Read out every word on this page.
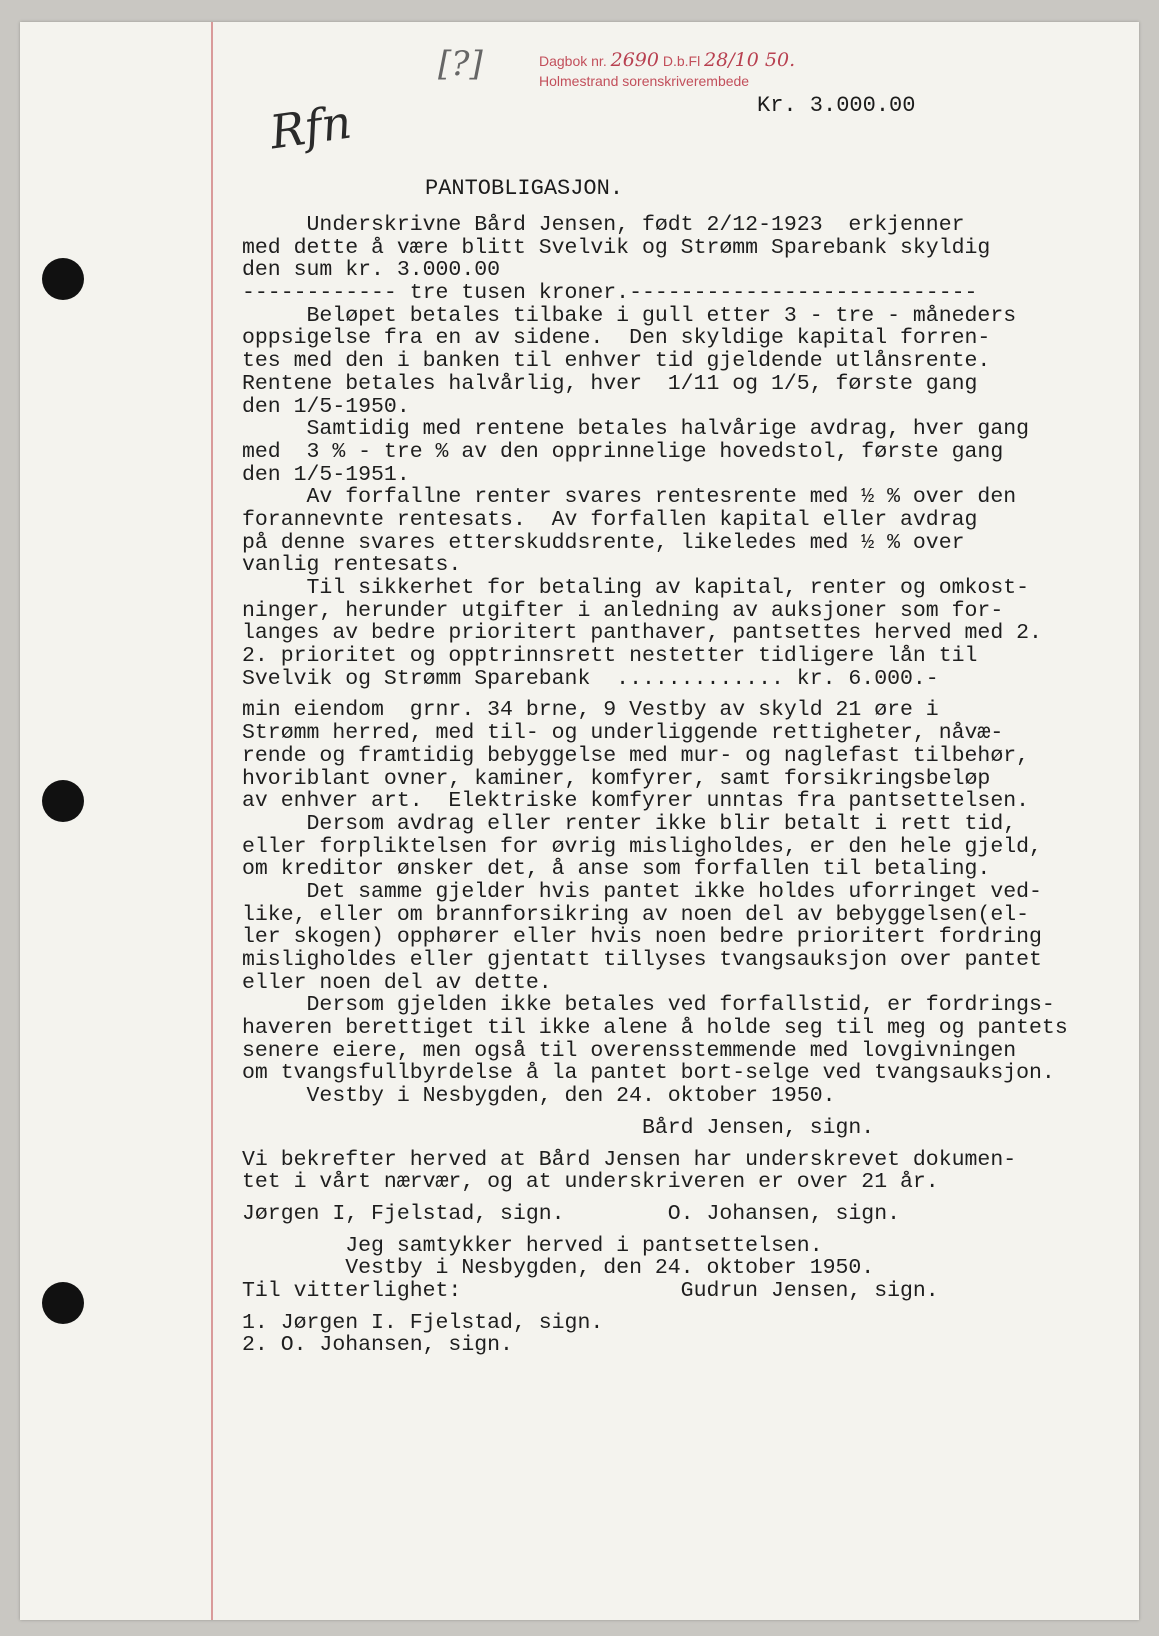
[?]
Rfn
Dagbok nr. 2690 D.b.Fl 28/10 50.
Holmestrand sorenskriverembede
Kr. 3.000.00
PANTOBLIGASJON.
Underskrivne Bård Jensen, født 2/12-1923  erkjenner
med dette å være blitt Svelvik og Strømm Sparebank skyldig
den sum kr. 3.000.00
------------ tre tusen kroner.---------------------------
Beløpet betales tilbake i gull etter 3 - tre - måneders
oppsigelse fra en av sidene.  Den skyldige kapital forren-
tes med den i banken til enhver tid gjeldende utlånsrente.
Rentene betales halvårlig, hver  1/11 og 1/5, første gang
den 1/5-1950.
Samtidig med rentene betales halvårige avdrag, hver gang
med  3 % - tre % av den opprinnelige hovedstol, første gang
den 1/5-1951.
Av forfallne renter svares rentesrente med ½ % over den
forannevnte rentesats.  Av forfallen kapital eller avdrag
på denne svares etterskuddsrente, likeledes med ½ % over
vanlig rentesats.
Til sikkerhet for betaling av kapital, renter og omkost-
ninger, herunder utgifter i anledning av auksjoner som for-
langes av bedre prioritert panthaver, pantsettes herved med 2.
2. prioritet og opptrinnsrett nestetter tidligere lån til
Svelvik og Strømm Sparebank  ............. kr. 6.000.-
min eiendom  grnr. 34 brne, 9 Vestby av skyld 21 øre i
Strømm herred, med til- og underliggende rettigheter, nåvæ-
rende og framtidig bebyggelse med mur- og naglefast tilbehør,
hvoriblant ovner, kaminer, komfyrer, samt forsikringsbeløp
av enhver art.  Elektriske komfyrer unntas fra pantsettelsen.
Dersom avdrag eller renter ikke blir betalt i rett tid,
eller forpliktelsen for øvrig misligholdes, er den hele gjeld,
om kreditor ønsker det, å anse som forfallen til betaling.
Det samme gjelder hvis pantet ikke holdes uforringet ved-
like, eller om brannforsikring av noen del av bebyggelsen(el-
ler skogen) opphører eller hvis noen bedre prioritert fordring
misligholdes eller gjentatt tillyses tvangsauksjon over pantet
eller noen del av dette.
Dersom gjelden ikke betales ved forfallstid, er fordrings-
haveren berettiget til ikke alene å holde seg til meg og pantets
senere eiere, men også til overensstemmende med lovgivningen
om tvangsfullbyrdelse å la pantet bort-selge ved tvangsauksjon.
Vestby i Nesbygden, den 24. oktober 1950.
Bård Jensen, sign.
Vi bekrefter herved at Bård Jensen har underskrevet dokumen-
tet i vårt nærvær, og at underskriveren er over 21 år.
Jørgen I, Fjelstad, sign.        O. Johansen, sign.
Jeg samtykker herved i pantsettelsen.
Vestby i Nesbygden, den 24. oktober 1950.
Til vitterlighet:                 Gudrun Jensen, sign.
1. Jørgen I. Fjelstad, sign.
2. O. Johansen, sign.
